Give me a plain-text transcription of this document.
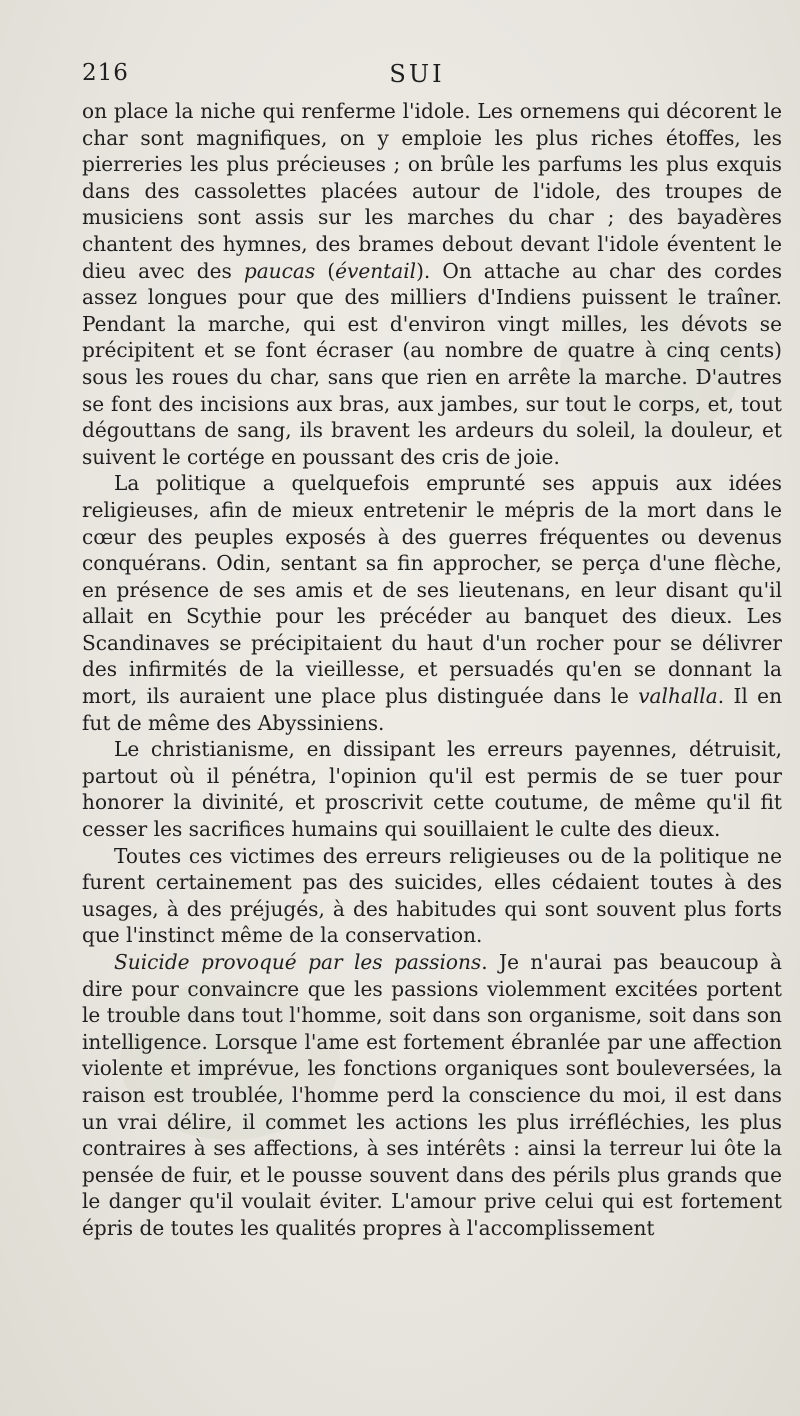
216	SUI

on place la niche qui renferme l'idole. Les ornemens qui décorent le char sont magnifiques, on y emploie les plus riches étoffes, les pierreries les plus précieuses ; on brûle les parfums les plus exquis dans des cassolettes placées autour de l'idole, des troupes de musiciens sont assis sur les marches du char ; des bayadères chantent des hymnes, des brames debout devant l'idole éventent le dieu avec des paucas (éventail). On attache au char des cordes assez longues pour que des milliers d'Indiens puissent le traîner. Pendant la marche, qui est d'environ vingt milles, les dévots se précipitent et se font écraser (au nombre de quatre à cinq cents) sous les roues du char, sans que rien en arrête la marche. D'autres se font des incisions aux bras, aux jambes, sur tout le corps, et, tout dégouttans de sang, ils bravent les ardeurs du soleil, la douleur, et suivent le cortége en poussant des cris de joie.

La politique a quelquefois emprunté ses appuis aux idées religieuses, afin de mieux entretenir le mépris de la mort dans le cœur des peuples exposés à des guerres fréquentes ou devenus conquérans. Odin, sentant sa fin approcher, se perça d'une flèche, en présence de ses amis et de ses lieutenans, en leur disant qu'il allait en Scythie pour les précéder au banquet des dieux. Les Scandinaves se précipitaient du haut d'un rocher pour se délivrer des infirmités de la vieillesse, et persuadés qu'en se donnant la mort, ils auraient une place plus distinguée dans le valhalla. Il en fut de même des Abyssiniens.

Le christianisme, en dissipant les erreurs payennes, détruisit, partout où il pénétra, l'opinion qu'il est permis de se tuer pour honorer la divinité, et proscrivit cette coutume, de même qu'il fit cesser les sacrifices humains qui souillaient le culte des dieux.

Toutes ces victimes des erreurs religieuses ou de la politique ne furent certainement pas des suicides, elles cédaient toutes à des usages, à des préjugés, à des habitudes qui sont souvent plus forts que l'instinct même de la conservation.

Suicide provoqué par les passions. Je n'aurai pas beaucoup à dire pour convaincre que les passions violemment excitées portent le trouble dans tout l'homme, soit dans son organisme, soit dans son intelligence. Lorsque l'ame est fortement ébranlée par une affection violente et imprévue, les fonctions organiques sont bouleversées, la raison est troublée, l'homme perd la conscience du moi, il est dans un vrai délire, il commet les actions les plus irréfléchies, les plus contraires à ses affections, à ses intérêts : ainsi la terreur lui ôte la pensée de fuir, et le pousse souvent dans des périls plus grands que le danger qu'il voulait éviter. L'amour prive celui qui est fortement épris de toutes les qualités propres à l'accomplissement
